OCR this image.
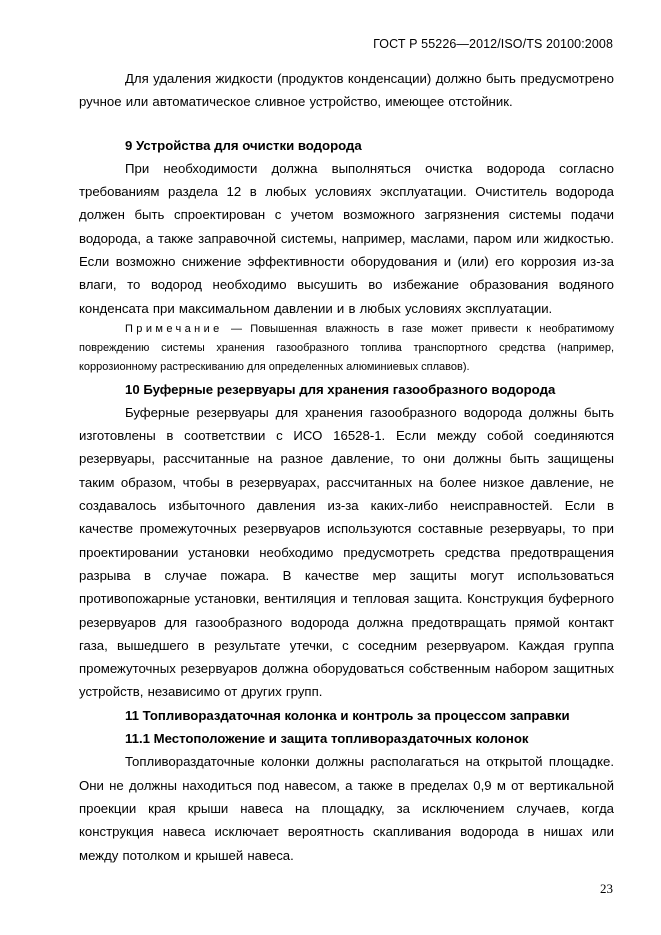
ГОСТ Р 55226—2012/ISO/TS 20100:2008

Для удаления жидкости (продуктов конденсации) должно быть предусмотрено ручное или автоматическое сливное устройство, имеющее отстойник.

9 Устройства для очистки водорода

При необходимости должна выполняться очистка водорода согласно требованиям раздела 12 в любых условиях эксплуатации. Очиститель водорода должен быть спроектирован с учетом возможного загрязнения системы подачи водорода, а также заправочной системы, например, маслами, паром или жидкостью. Если возможно снижение эффективности оборудования и (или) его коррозия из-за влаги, то водород необходимо высушить во избежание образования водяного конденсата при максимальном давлении и в любых условиях эксплуатации.

Примечание — Повышенная влажность в газе может привести к необратимому повреждению системы хранения газообразного топлива транспортного средства (например, коррозионному растрескиванию для определенных алюминиевых сплавов).

10 Буферные резервуары для хранения газообразного водорода

Буферные резервуары для хранения газообразного водорода должны быть изготовлены в соответствии с ИСО 16528-1. Если между собой соединяются резервуары, рассчитанные на разное давление, то они должны быть защищены таким образом, чтобы в резервуарах, рассчитанных на более низкое давление, не создавалось избыточного давления из-за каких-либо неисправностей. Если в качестве промежуточных резервуаров используются составные резервуары, то при проектировании установки необходимо предусмотреть средства предотвращения разрыва в случае пожара. В качестве мер защиты могут использоваться противопожарные установки, вентиляция и тепловая защита. Конструкция буферного резервуаров для газообразного водорода должна предотвращать прямой контакт газа, вышедшего в результате утечки, с соседним резервуаром. Каждая группа промежуточных резервуаров должна оборудоваться собственным набором защитных устройств, независимо от других групп.

11 Топливораздаточная колонка и контроль за процессом заправки

11.1 Местоположение и защита топливораздаточных колонок

Топливораздаточные колонки должны располагаться на открытой площадке. Они не должны находиться под навесом, а также в пределах 0,9 м от вертикальной проекции края крыши навеса на площадку, за исключением случаев, когда конструкция навеса исключает вероятность скапливания водорода в нишах или между потолком и крышей навеса.

23
